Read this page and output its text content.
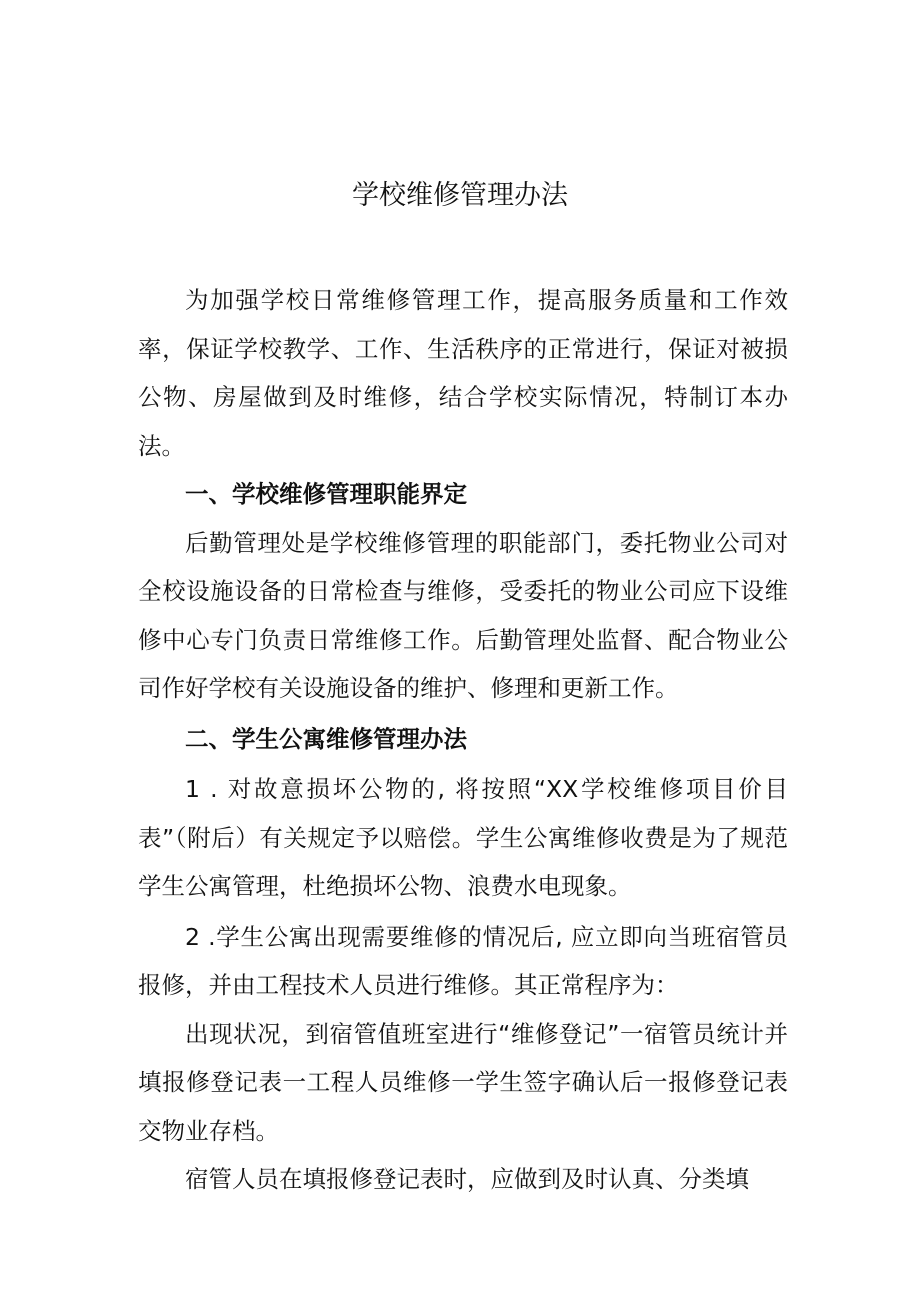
学校维修管理办法

为加强学校日常维修管理工作，提高服务质量和工作效率，保证学校教学、工作、生活秩序的正常进行，保证对被损公物、房屋做到及时维修，结合学校实际情况，特制订本办法。

一、学校维修管理职能界定

后勤管理处是学校维修管理的职能部门，委托物业公司对全校设施设备的日常检查与维修，受委托的物业公司应下设维修中心专门负责日常维修工作。后勤管理处监督、配合物业公司作好学校有关设施设备的维护、修理和更新工作。

二、学生公寓维修管理办法

1 . 对故意损坏公物的, 将按照“XX学校维修项目价目表”（附后）有关规定予以赔偿。学生公寓维修收费是为了规范学生公寓管理，杜绝损坏公物、浪费水电现象。

2 .学生公寓出现需要维修的情况后, 应立即向当班宿管员报修，并由工程技术人员进行维修。其正常程序为：

出现状况，到宿管值班室进行“维修登记”一宿管员统计并填报修登记表一工程人员维修一学生签字确认后一报修登记表交物业存档。

宿管人员在填报修登记表时，应做到及时认真、分类填
